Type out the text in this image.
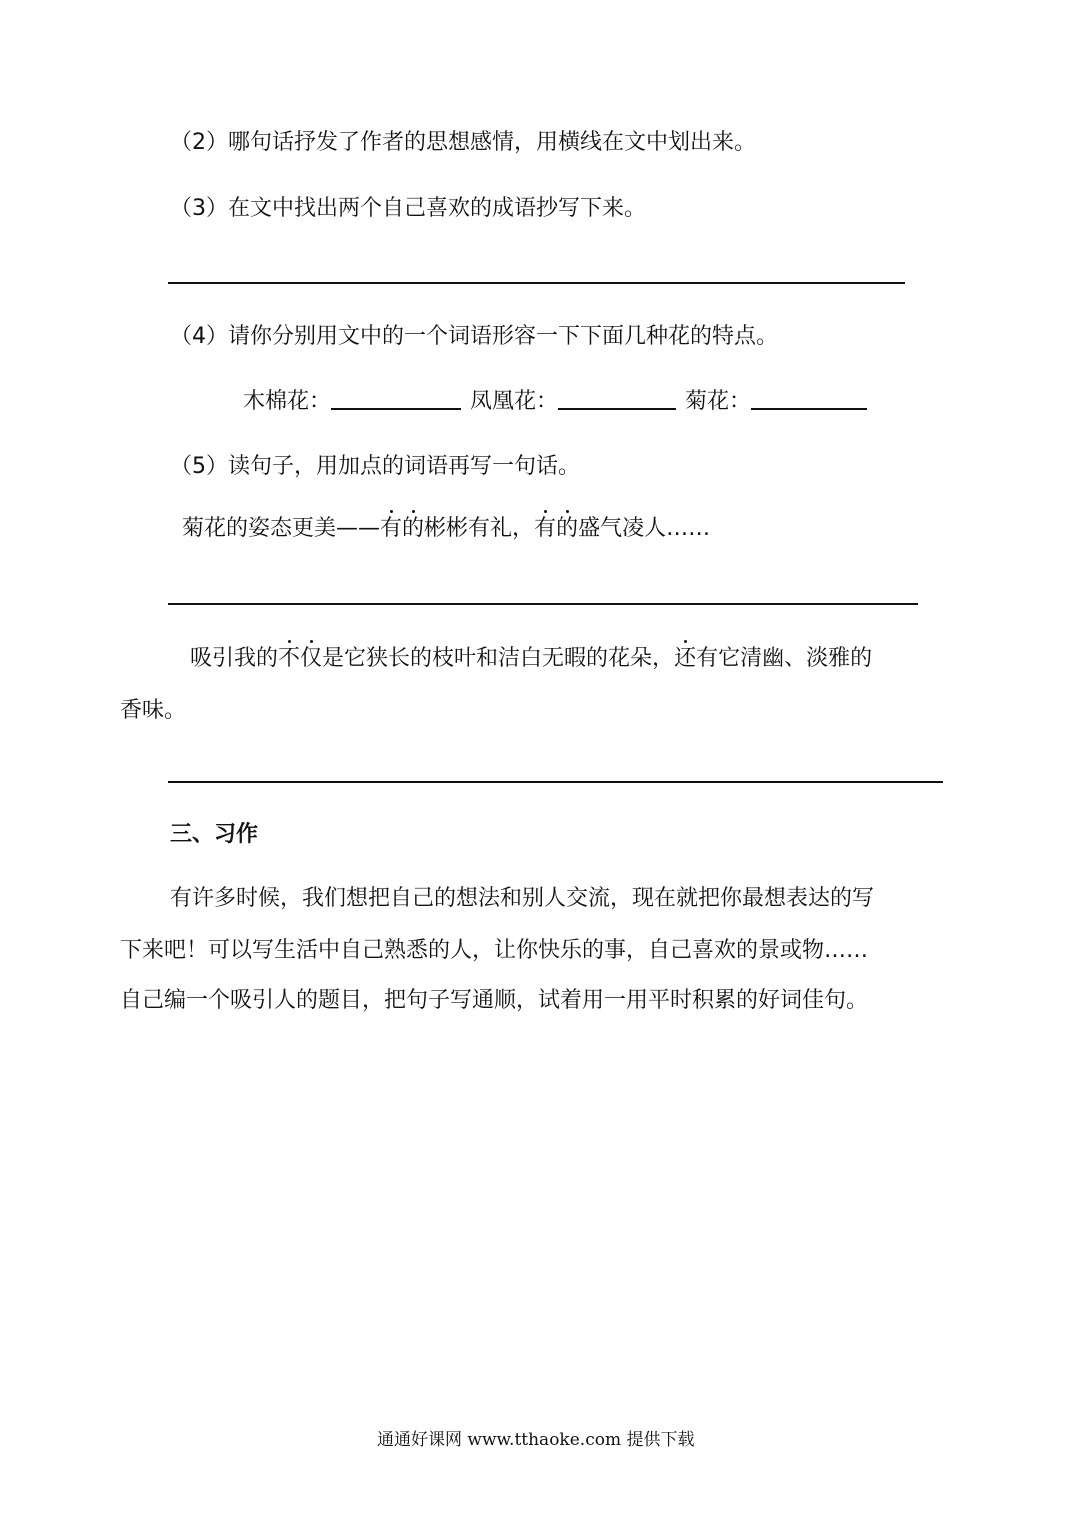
（2）哪句话抒发了作者的思想感情，用横线在文中划出来。
（3）在文中找出两个自己喜欢的成语抄写下来。
（4）请你分别用文中的一个词语形容一下下面几种花的特点。
木棉花：	凤凰花：	菊花：
（5）读句子，用加点的词语再写一句话。
菊花的姿态更美——有的彬彬有礼，有的盛气凌人……
吸引我的不仅是它狭长的枝叶和洁白无暇的花朵，还有它清幽、淡雅的
香味。
三、习作
有许多时候，我们想把自己的想法和别人交流，现在就把你最想表达的写
下来吧！可以写生活中自己熟悉的人，让你快乐的事，自己喜欢的景或物……
自己编一个吸引人的题目，把句子写通顺，试着用一用平时积累的好词佳句。
通通好课网 www.tthaoke.com 提供下载
